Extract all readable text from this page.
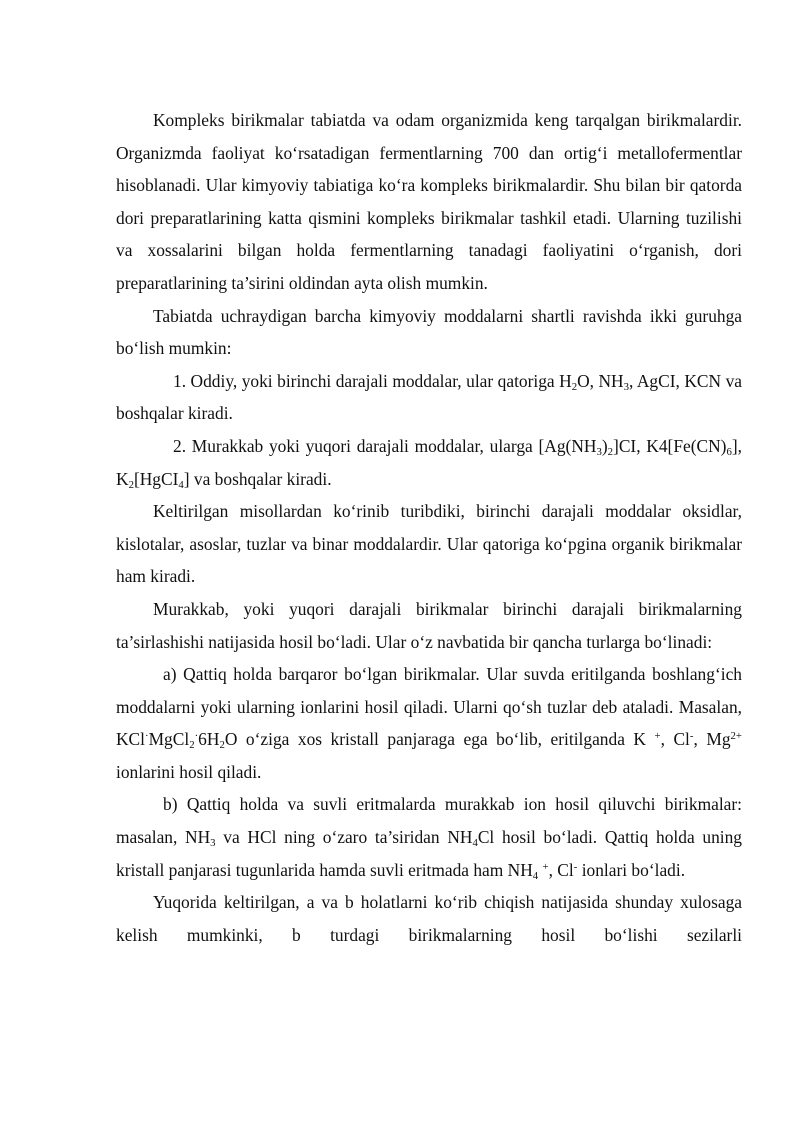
Kompleks birikmalar tabiatda va odam organizmida keng tarqalgan birikmalardir. Organizmda faoliyat ko‘rsatadigan fermentlarning 700 dan ortig‘i metallofermentlar hisoblanadi. Ular kimyoviy tabiatiga ko‘ra kompleks birikmalardir. Shu bilan bir qatorda dori preparatlarining katta qismini kompleks birikmalar tashkil etadi. Ularning tuzilishi va xossalarini bilgan holda fermentlarning tanadagi faoliyatini o‘rganish, dori preparatlarining ta’sirini oldindan ayta olish mumkin.

Tabiatda uchraydigan barcha kimyoviy moddalarni shartli ravishda ikki guruhga bo‘lish mumkin:

1. Oddiy, yoki birinchi darajali moddalar, ular qatoriga $H_2O$, $NH_3$, AgCI, KCN va boshqalar kiradi.

2. Murakkab yoki yuqori darajali moddalar, ularga $[Ag(NH_3)_2]CI$, $K4[Fe(CN)_6]$, $K_2[HgCI_4]$ va boshqalar kiradi.

Keltirilgan misollardan ko‘rinib turibdiki, birinchi darajali moddalar oksidlar, kislotalar, asoslar, tuzlar va binar moddalardir. Ular qatoriga ko‘pgina organik birikmalar ham kiradi.

Murakkab, yoki yuqori darajali birikmalar birinchi darajali birikmalarning ta’sirlashishi natijasida hosil bo‘ladi. Ular o‘z navbatida bir qancha turlarga bo‘linadi:

a) Qattiq holda barqaror bo‘lgan birikmalar. Ular suvda eritilganda boshlang‘ich moddalarni yoki ularning ionlarini hosil qiladi. Ularni qo‘sh tuzlar deb ataladi. Masalan, $KCl^\cdot MgCl_2^\cdot 6H_2O$ o‘ziga xos kristall panjaraga ega bo‘lib, eritilganda K +, Cl-, $Mg^{2+}$ ionlarini hosil qiladi.

b) Qattiq holda va suvli eritmalarda murakkab ion hosil qiluvchi birikmalar: masalan, $NH_3$ va HCl ning o‘zaro ta’siridan $NH_4Cl$ hosil bo‘ladi. Qattiq holda uning kristall panjarasi tugunlarida hamda suvli eritmada ham $NH_4$ +, Cl- ionlari bo‘ladi.

Yuqorida keltirilgan, a va b holatlarni ko‘rib chiqish natijasida shunday xulosaga kelish mumkinki, b turdagi birikmalarning hosil bo‘lishi sezilarli
